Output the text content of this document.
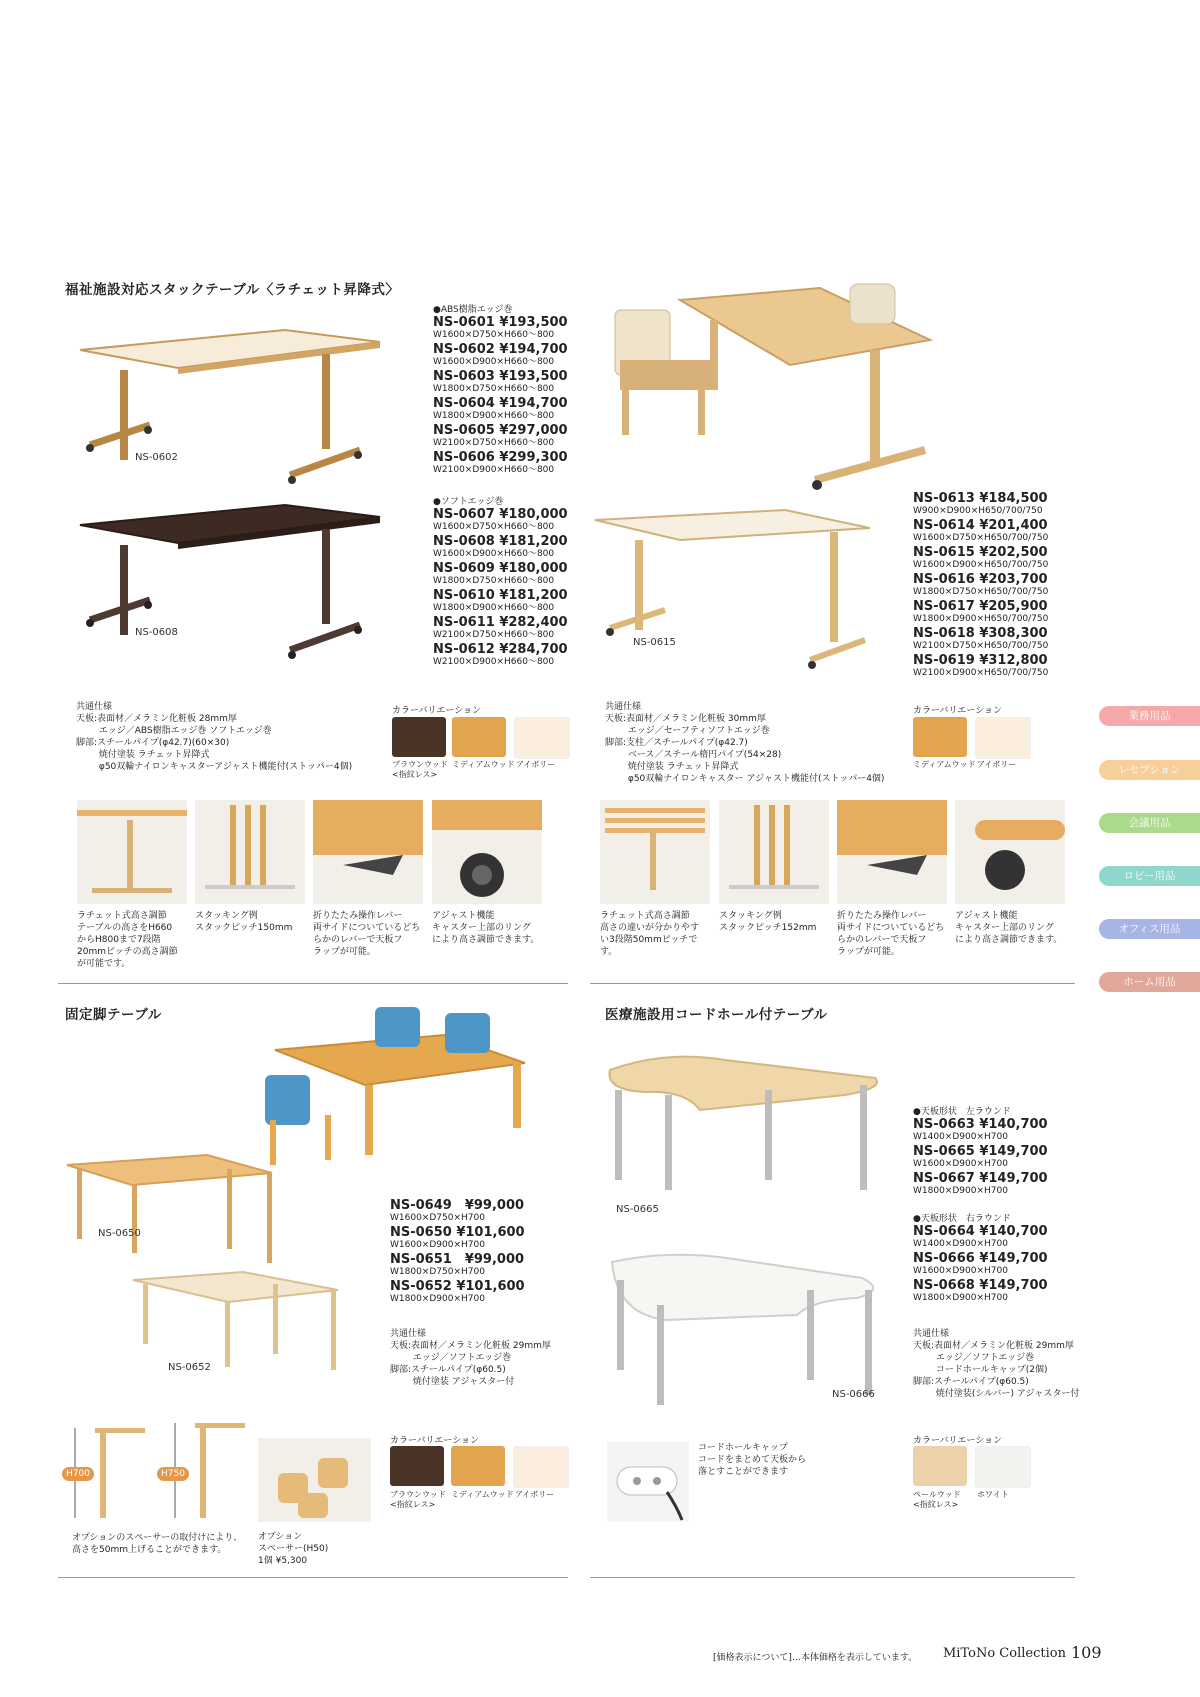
福祉施設対応スタックテーブル〈ラチェット昇降式〉
NS-0602
NS-0608
●ABS樹脂エッジ巻
NS-0601 ¥193,500
W1600×D750×H660〜800
NS-0602 ¥194,700
W1600×D900×H660〜800
NS-0603 ¥193,500
W1800×D750×H660〜800
NS-0604 ¥194,700
W1800×D900×H660〜800
NS-0605 ¥297,000
W2100×D750×H660〜800
NS-0606 ¥299,300
W2100×D900×H660〜800
●ソフトエッジ巻
NS-0607 ¥180,000
W1600×D750×H660〜800
NS-0608 ¥181,200
W1600×D900×H660〜800
NS-0609 ¥180,000
W1800×D750×H660〜800
NS-0610 ¥181,200
W1800×D900×H660〜800
NS-0611 ¥282,400
W2100×D750×H660〜800
NS-0612 ¥284,700
W2100×D900×H660〜800
NS-0615
NS-0613 ¥184,500
W900×D900×H650/700/750
NS-0614 ¥201,400
W1600×D750×H650/700/750
NS-0615 ¥202,500
W1600×D900×H650/700/750
NS-0616 ¥203,700
W1800×D750×H650/700/750
NS-0617 ¥205,900
W1800×D900×H650/700/750
NS-0618 ¥308,300
W2100×D750×H650/700/750
NS-0619 ¥312,800
W2100×D900×H650/700/750
共通仕様
天板:表面材／メラミン化粧板 28mm厚
エッジ／ABS樹脂エッジ巻 ソフトエッジ巻
脚部:スチールパイプ(φ42.7)(60×30)
焼付塗装 ラチェット昇降式
φ50双輪ナイロンキャスターアジャスト機能付(ストッパー4個)
カラーバリエーション
ブラウンウッド
<指紋レス>
ミディアムウッド アイボリー
共通仕様
天板:表面材／メラミン化粧板 30mm厚
エッジ／セーフティソフトエッジ巻
脚部:支柱／スチールパイプ(φ42.7)
ベース／スチール楕円パイプ(54×28)
焼付塗装 ラチェット昇降式
φ50双輪ナイロンキャスター アジャスト機能付(ストッパー4個)
カラーバリエーション
ミディアムウッド アイボリー
ラチェット式高さ調節
テーブルの高さをH660
からH800まで7段階
20mmピッチの高さ調節
が可能です。
スタッキング例
スタックピッチ150mm
折りたたみ操作レバー
両サイドについているどち
らかのレバーで天板フ
ラップが可能。
アジャスト機能
キャスター上部のリング
により高さ調節できます。
ラチェット式高さ調節
高さの違いが分かりやす
い3段階50mmピッチで
す。
スタッキング例
スタックピッチ152mm
折りたたみ操作レバー
両サイドについているどち
らかのレバーで天板フ
ラップが可能。
アジャスト機能
キャスター上部のリング
により高さ調節できます。
固定脚テーブル
NS-0650
NS-0652
NS-0649　¥99,000
W1600×D750×H700
NS-0650 ¥101,600
W1600×D900×H700
NS-0651　¥99,000
W1800×D750×H700
NS-0652 ¥101,600
W1800×D900×H700
共通仕様
天板:表面材／メラミン化粧板 29mm厚
エッジ／ソフトエッジ巻
脚部:スチールパイプ(φ60.5)
焼付塗装 アジャスター付
H700	H750
オプションのスペーサーの取付けにより、
高さを50mm上げることができます。
オプション
スペーサー(H50)
1個 ¥5,300
カラーバリエーション
ブラウンウッド
<指紋レス>
ミディアムウッド アイボリー
医療施設用コードホール付テーブル
NS-0665
NS-0666
●天板形状　左ラウンド
NS-0663 ¥140,700
W1400×D900×H700
NS-0665 ¥149,700
W1600×D900×H700
NS-0667 ¥149,700
W1800×D900×H700
●天板形状　右ラウンド
NS-0664 ¥140,700
W1400×D900×H700
NS-0666 ¥149,700
W1600×D900×H700
NS-0668 ¥149,700
W1800×D900×H700
共通仕様
天板:表面材／メラミン化粧板 29mm厚
エッジ／ソフトエッジ巻
コードホールキャップ(2個)
脚部:スチールパイプ(φ60.5)
焼付塗装(シルバー) アジャスター付
コードホールキャップ
コードをまとめて天板から
落とすことができます
カラーバリエーション
ペールウッド
<指紋レス>
ホワイト
業務用品
レセプション
会議用品
ロビー用品
オフィス用品
ホーム用品
[価格表示について]…本体価格を表示しています。 MiToNo Collection 109
